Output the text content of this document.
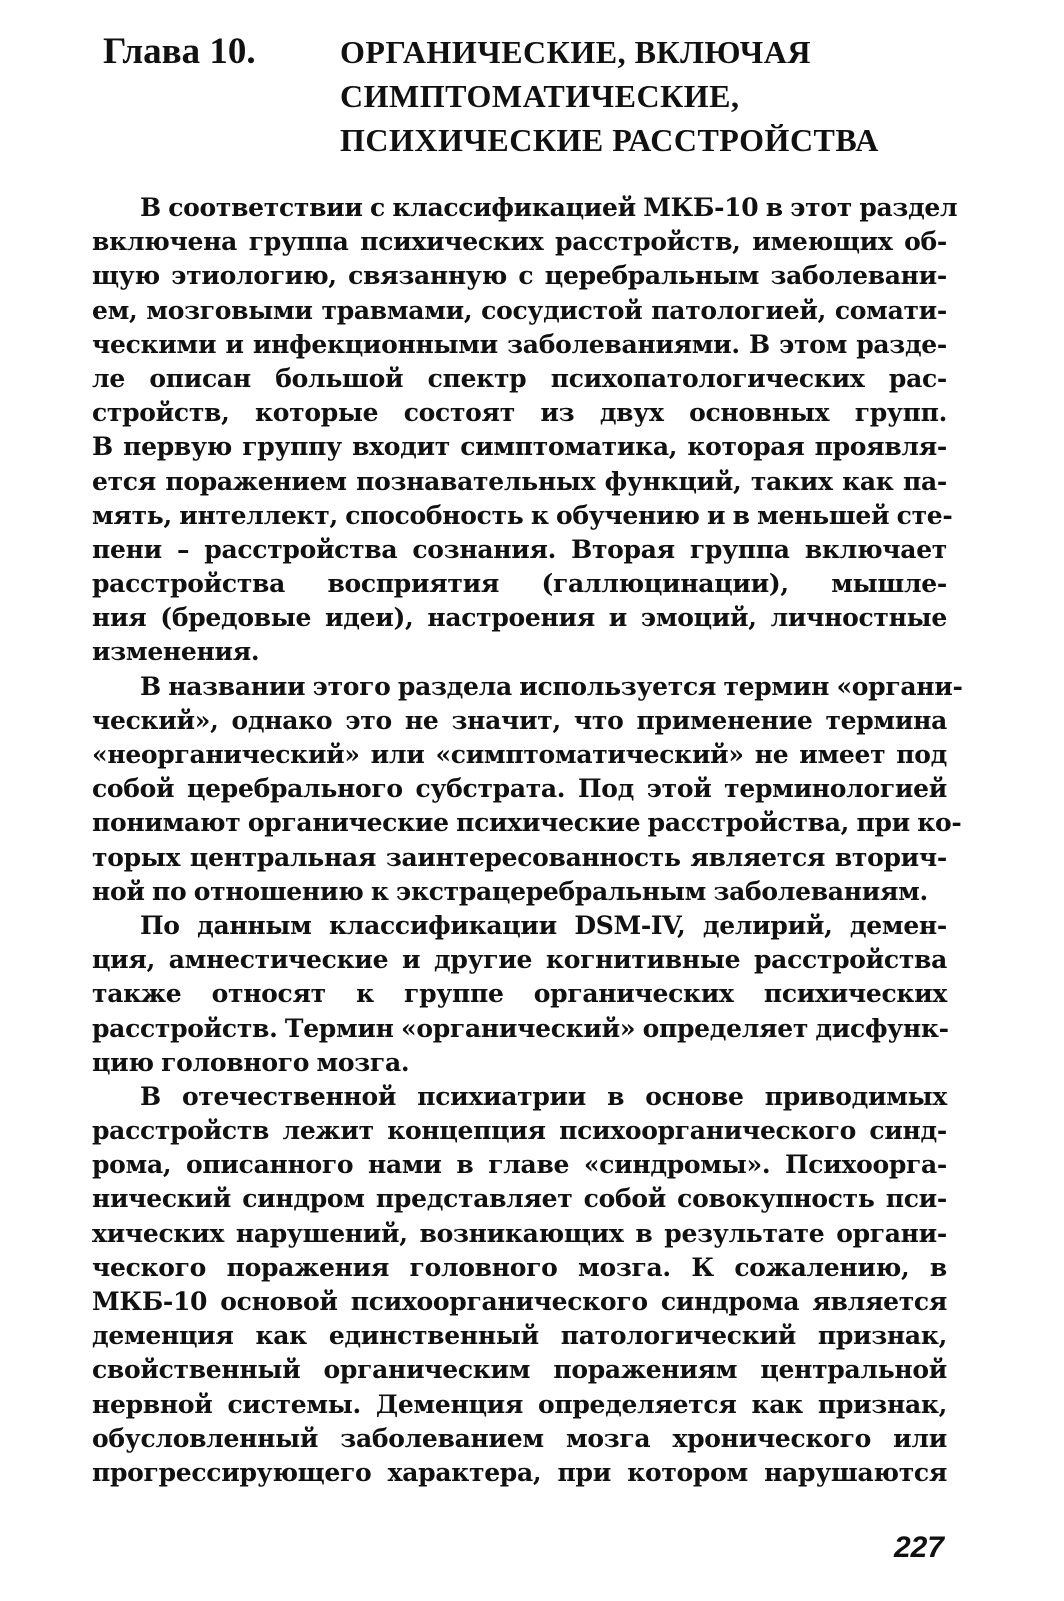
Глава 10.	ОРГАНИЧЕСКИЕ, ВКЛЮЧАЯ
СИМПТОМАТИЧЕСКИЕ,
ПСИХИЧЕСКИЕ РАССТРОЙСТВА
В соответствии с классификацией МКБ-10 в этот раздел
включена группа психических расстройств, имеющих об-
щую этиологию, связанную с церебральным заболевани-
ем, мозговыми травмами, сосудистой патологией, сомати-
ческими и инфекционными заболеваниями. В этом разде-
ле описан большой спектр психопатологических рас-
стройств, которые состоят из двух основных групп.
В первую группу входит симптоматика, которая проявля-
ется поражением познавательных функций, таких как па-
мять, интеллект, способность к обучению и в меньшей сте-
пени – расстройства сознания. Вторая группа включает
расстройства восприятия (галлюцинации), мышле-
ния (бредовые идеи), настроения и эмоций, личностные
изменения.
В названии этого раздела используется термин «органи-
ческий», однако это не значит, что применение термина
«неорганический» или «симптоматический» не имеет под
собой церебрального субстрата. Под этой терминологией
понимают органические психические расстройства, при ко-
торых центральная заинтересованность является вторич-
ной по отношению к экстрацеребральным заболеваниям.
По данным классификации DSM-IV, делирий, демен-
ция, амнестические и другие когнитивные расстройства
также относят к группе органических психических
расстройств. Термин «органический» определяет дисфунк-
цию головного мозга.
В отечественной психиатрии в основе приводимых
расстройств лежит концепция психоорганического синд-
рома, описанного нами в главе «синдромы». Психоорга-
нический синдром представляет собой совокупность пси-
хических нарушений, возникающих в результате органи-
ческого поражения головного мозга. К сожалению, в
МКБ-10 основой психоорганического синдрома является
деменция как единственный патологический признак,
свойственный органическим поражениям центральной
нервной системы. Деменция определяется как признак,
обусловленный заболеванием мозга хронического или
прогрессирующего характера, при котором нарушаются
227
